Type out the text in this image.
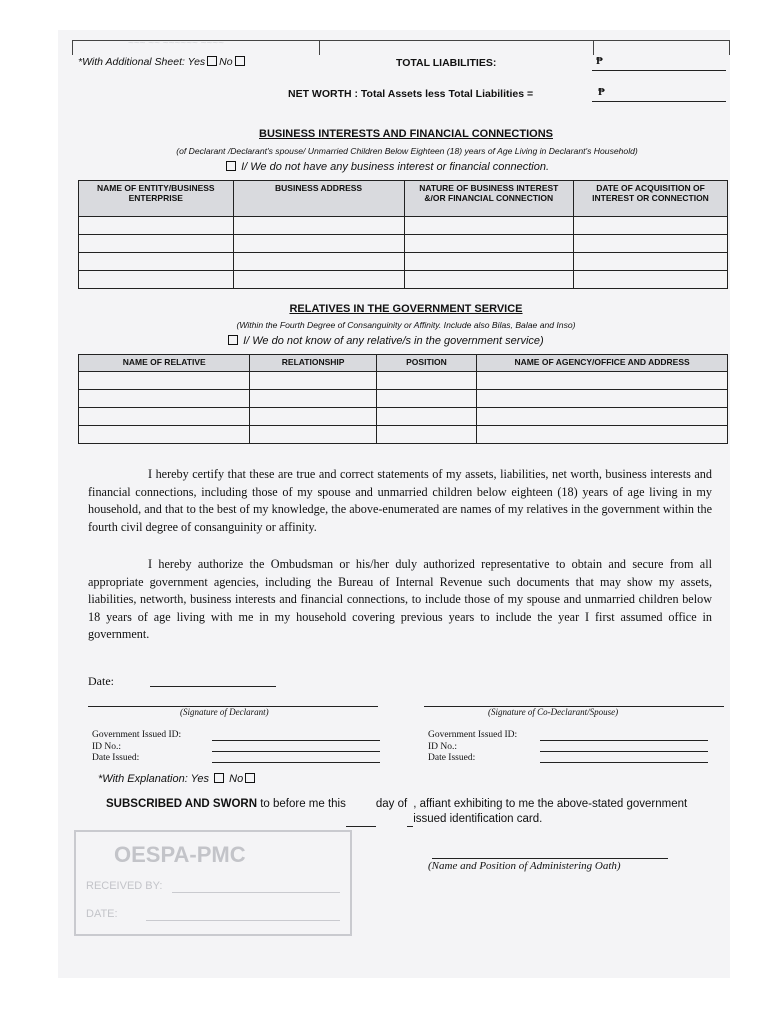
~~~ ~~ ~~~~~~ ~~~~
*With Additional Sheet: Yes No	TOTAL LIABILITIES:	₱
NET WORTH : Total Assets less Total Liabilities =	₱
BUSINESS INTERESTS AND FINANCIAL CONNECTIONS
(of Declarant /Declarant's spouse/ Unmarried Children Below Eighteen (18) years of Age Living in Declarant's Household)
I/ We do not have any business interest or financial connection.
NAME OF ENTITY/BUSINESS ENTERPRISE	BUSINESS ADDRESS	NATURE OF BUSINESS INTEREST &/OR FINANCIAL CONNECTION	DATE OF ACQUISITION OF INTEREST OR CONNECTION

RELATIVES IN THE GOVERNMENT SERVICE
(Within the Fourth Degree of Consanguinity or Affinity. Include also Bilas, Balae and Inso)
I/ We do not know of any relative/s in the government service)
NAME OF RELATIVE	RELATIONSHIP	POSITION	NAME OF AGENCY/OFFICE AND ADDRESS

I hereby certify that these are true and correct statements of my assets, liabilities, net worth, business interests and financial connections, including those of my spouse and unmarried children below eighteen (18) years of age living in my household, and that to the best of my knowledge, the above-enumerated are names of my relatives in the government within the fourth civil degree of consanguinity or affinity.

I hereby authorize the Ombudsman or his/her duly authorized representative to obtain and secure from all appropriate government agencies, including the Bureau of Internal Revenue such documents that may show my assets, liabilities, networth, business interests and financial connections, to include those of my spouse and unmarried children below 18 years of age living with me in my household covering previous years to include the year I first assumed office in government.

Date:
(Signature of Declarant)	(Signature of Co-Declarant/Spouse)
Government Issued ID:
ID No.:
Date Issued:
Government Issued ID:
ID No.:
Date Issued:
*With Explanation: Yes No
SUBSCRIBED AND SWORN to before me this	day of , affiant exhibiting to me the above-stated government issued identification card.
OESPA-PMC
RECEIVED BY:
DATE:
(Name and Position of Administering Oath)
